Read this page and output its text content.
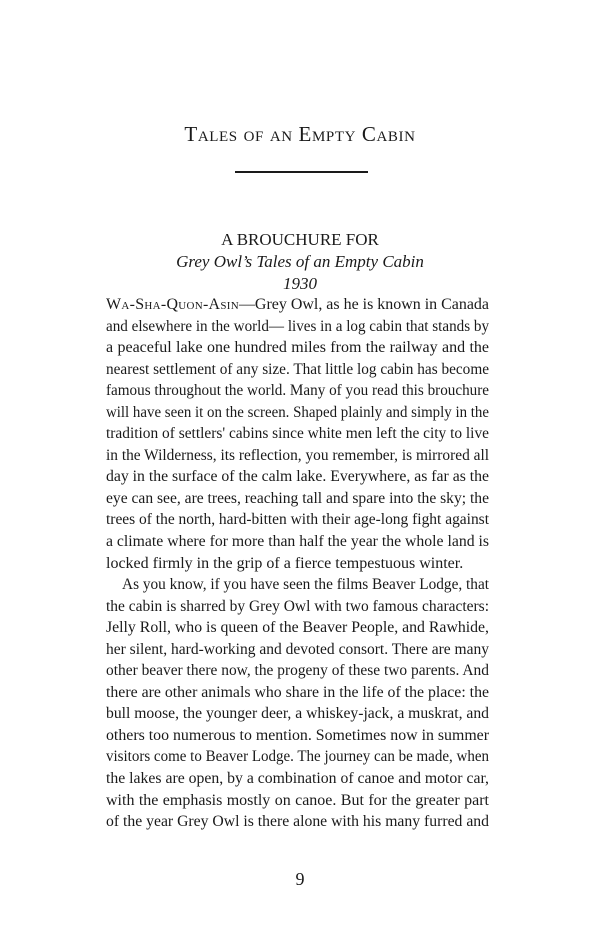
Tales of an Empty Cabin
A BROUCHURE FOR
Grey Owl’s Tales of an Empty Cabin
1930

Wa-Sha-Quon-Asin—Grey Owl, as he is known in Canada
and elsewhere in the world— lives in a log cabin that stands by
a peaceful lake one hundred miles from the railway and the
nearest settlement of any size. That little log cabin has become
famous throughout the world. Many of you read this brouchure
will have seen it on the screen. Shaped plainly and simply in the
tradition of settlers' cabins since white men left the city to live
in the Wilderness, its reflection, you remember, is mirrored all
day in the surface of the calm lake. Everywhere, as far as the
eye can see, are trees, reaching tall and spare into the sky; the
trees of the north, hard-bitten with their age-long fight against
a climate where for more than half the year the whole land is
locked firmly in the grip of a fierce tempestuous winter.

As you know, if you have seen the films Beaver Lodge, that
the cabin is sharred by Grey Owl with two famous characters:
Jelly Roll, who is queen of the Beaver People, and Rawhide,
her silent, hard-working and devoted consort. There are many
other beaver there now, the progeny of these two parents. And
there are other animals who share in the life of the place: the
bull moose, the younger deer, a whiskey-jack, a muskrat, and
others too numerous to mention. Sometimes now in summer
visitors come to Beaver Lodge. The journey can be made, when
the lakes are open, by a combination of canoe and motor car,
with the emphasis mostly on canoe. But for the greater part
of the year Grey Owl is there alone with his many furred and

9
